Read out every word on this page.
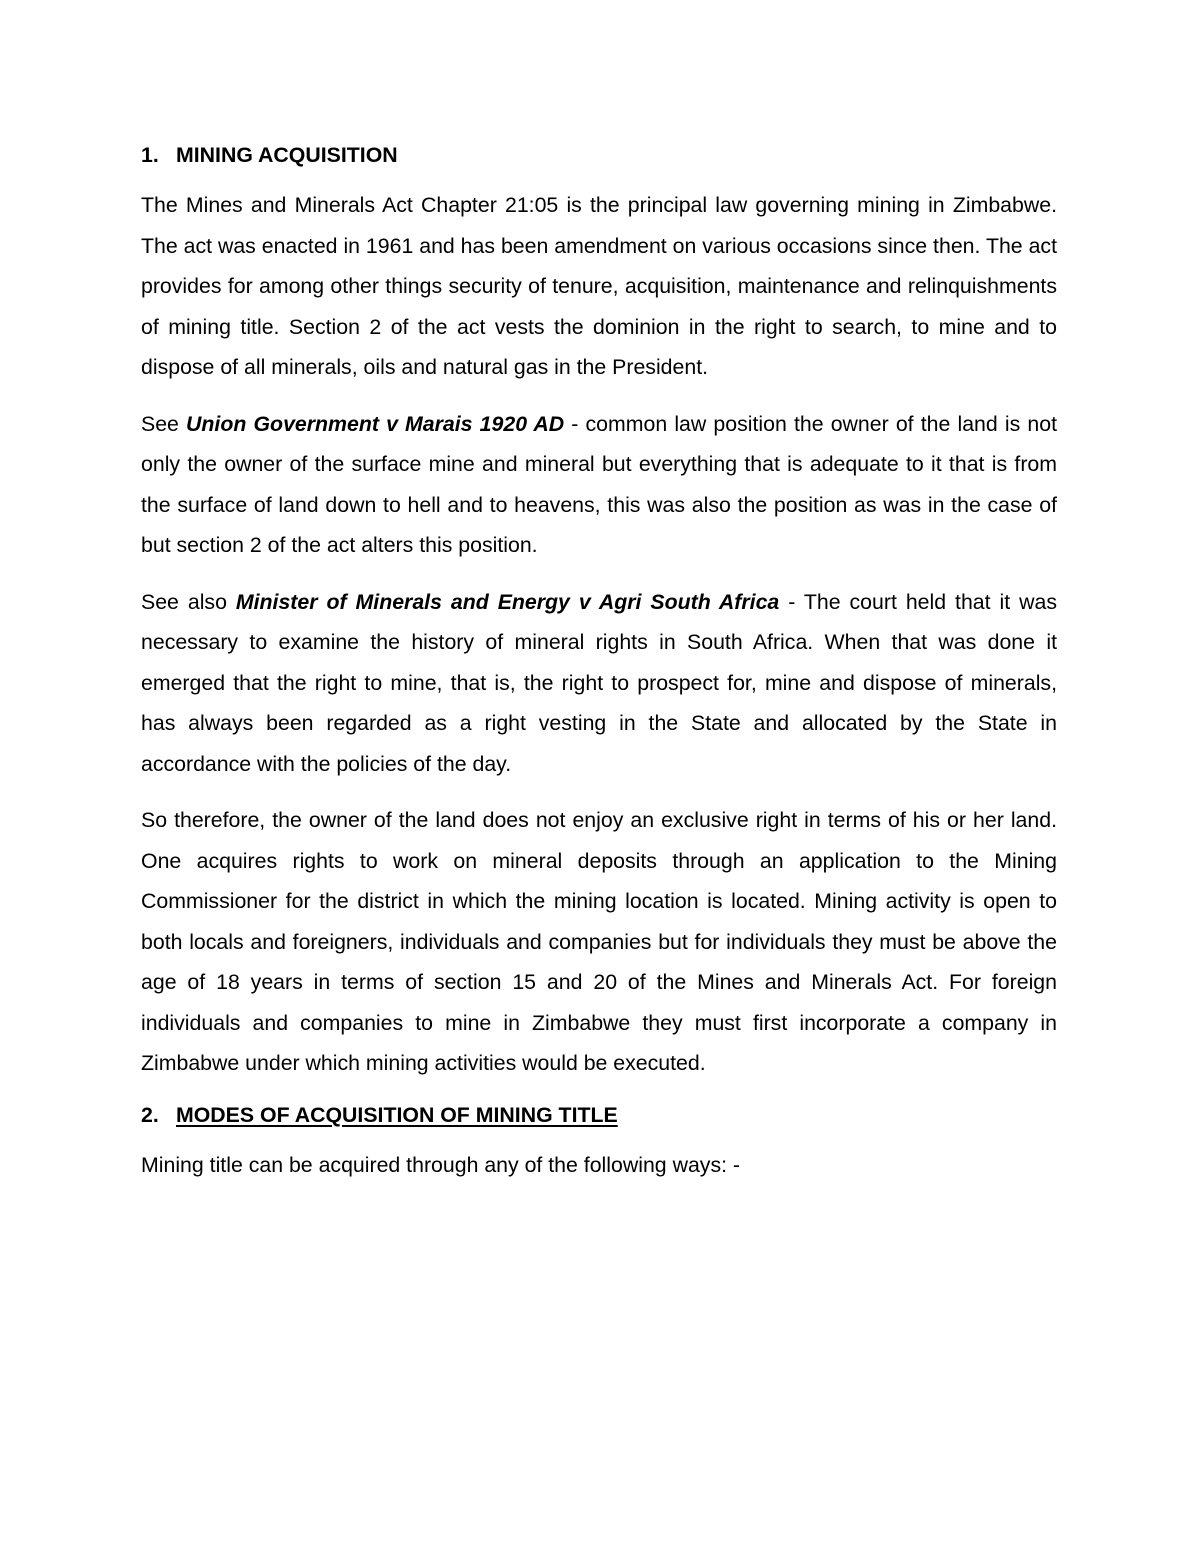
1. MINING ACQUISITION

The Mines and Minerals Act Chapter 21:05 is the principal law governing mining in Zimbabwe. The act was enacted in 1961 and has been amendment on various occasions since then. The act provides for among other things security of tenure, acquisition, maintenance and relinquishments of mining title. Section 2 of the act vests the dominion in the right to search, to mine and to dispose of all minerals, oils and natural gas in the President.

See Union Government v Marais 1920 AD - common law position the owner of the land is not only the owner of the surface mine and mineral but everything that is adequate to it that is from the surface of land down to hell and to heavens, this was also the position as was in the case of but section 2 of the act alters this position.

See also Minister of Minerals and Energy v Agri South Africa - The court held that it was necessary to examine the history of mineral rights in South Africa. When that was done it emerged that the right to mine, that is, the right to prospect for, mine and dispose of minerals, has always been regarded as a right vesting in the State and allocated by the State in accordance with the policies of the day.

So therefore, the owner of the land does not enjoy an exclusive right in terms of his or her land. One acquires rights to work on mineral deposits through an application to the Mining Commissioner for the district in which the mining location is located. Mining activity is open to both locals and foreigners, individuals and companies but for individuals they must be above the age of 18 years in terms of section 15 and 20 of the Mines and Minerals Act. For foreign individuals and companies to mine in Zimbabwe they must first incorporate a company in Zimbabwe under which mining activities would be executed.

2. MODES OF ACQUISITION OF MINING TITLE

Mining title can be acquired through any of the following ways: -
